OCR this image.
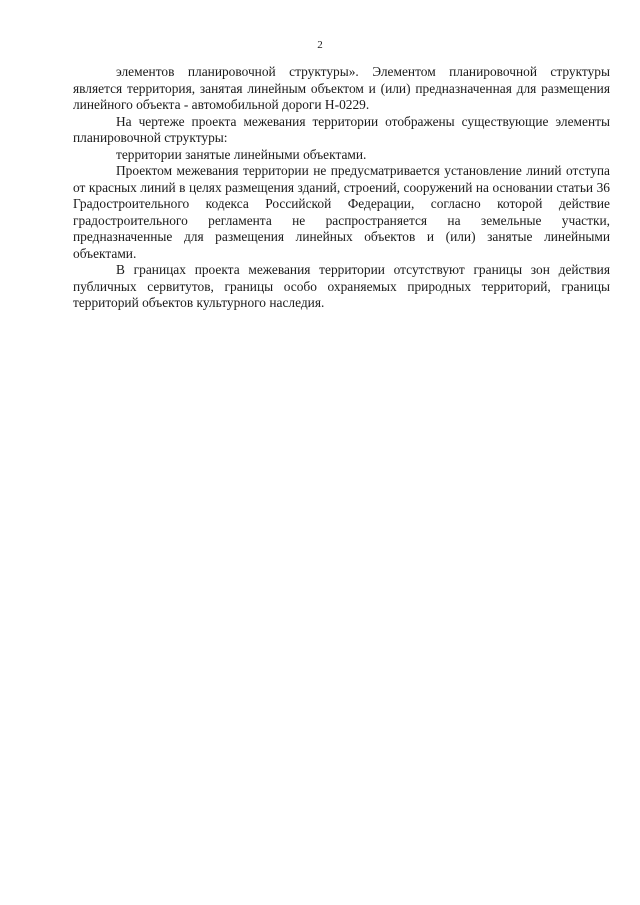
2

элементов планировочной структуры». Элементом планировочной структуры является территория, занятая линейным объектом и (или) предназначенная для размещения линейного объекта - автомобильной дороги Н-0229.

На чертеже проекта межевания территории отображены существующие элементы планировочной структуры:

территории занятые линейными объектами.

Проектом межевания территории не предусматривается установление линий отступа от красных линий в целях размещения зданий, строений, сооружений на основании статьи 36 Градостроительного кодекса Российской Федерации, согласно которой действие градостроительного регламента не распространяется на земельные участки, предназначенные для размещения линейных объектов и (или) занятые линейными объектами.

В границах проекта межевания территории отсутствуют границы зон действия публичных сервитутов, границы особо охраняемых природных территорий, границы территорий объектов культурного наследия.
